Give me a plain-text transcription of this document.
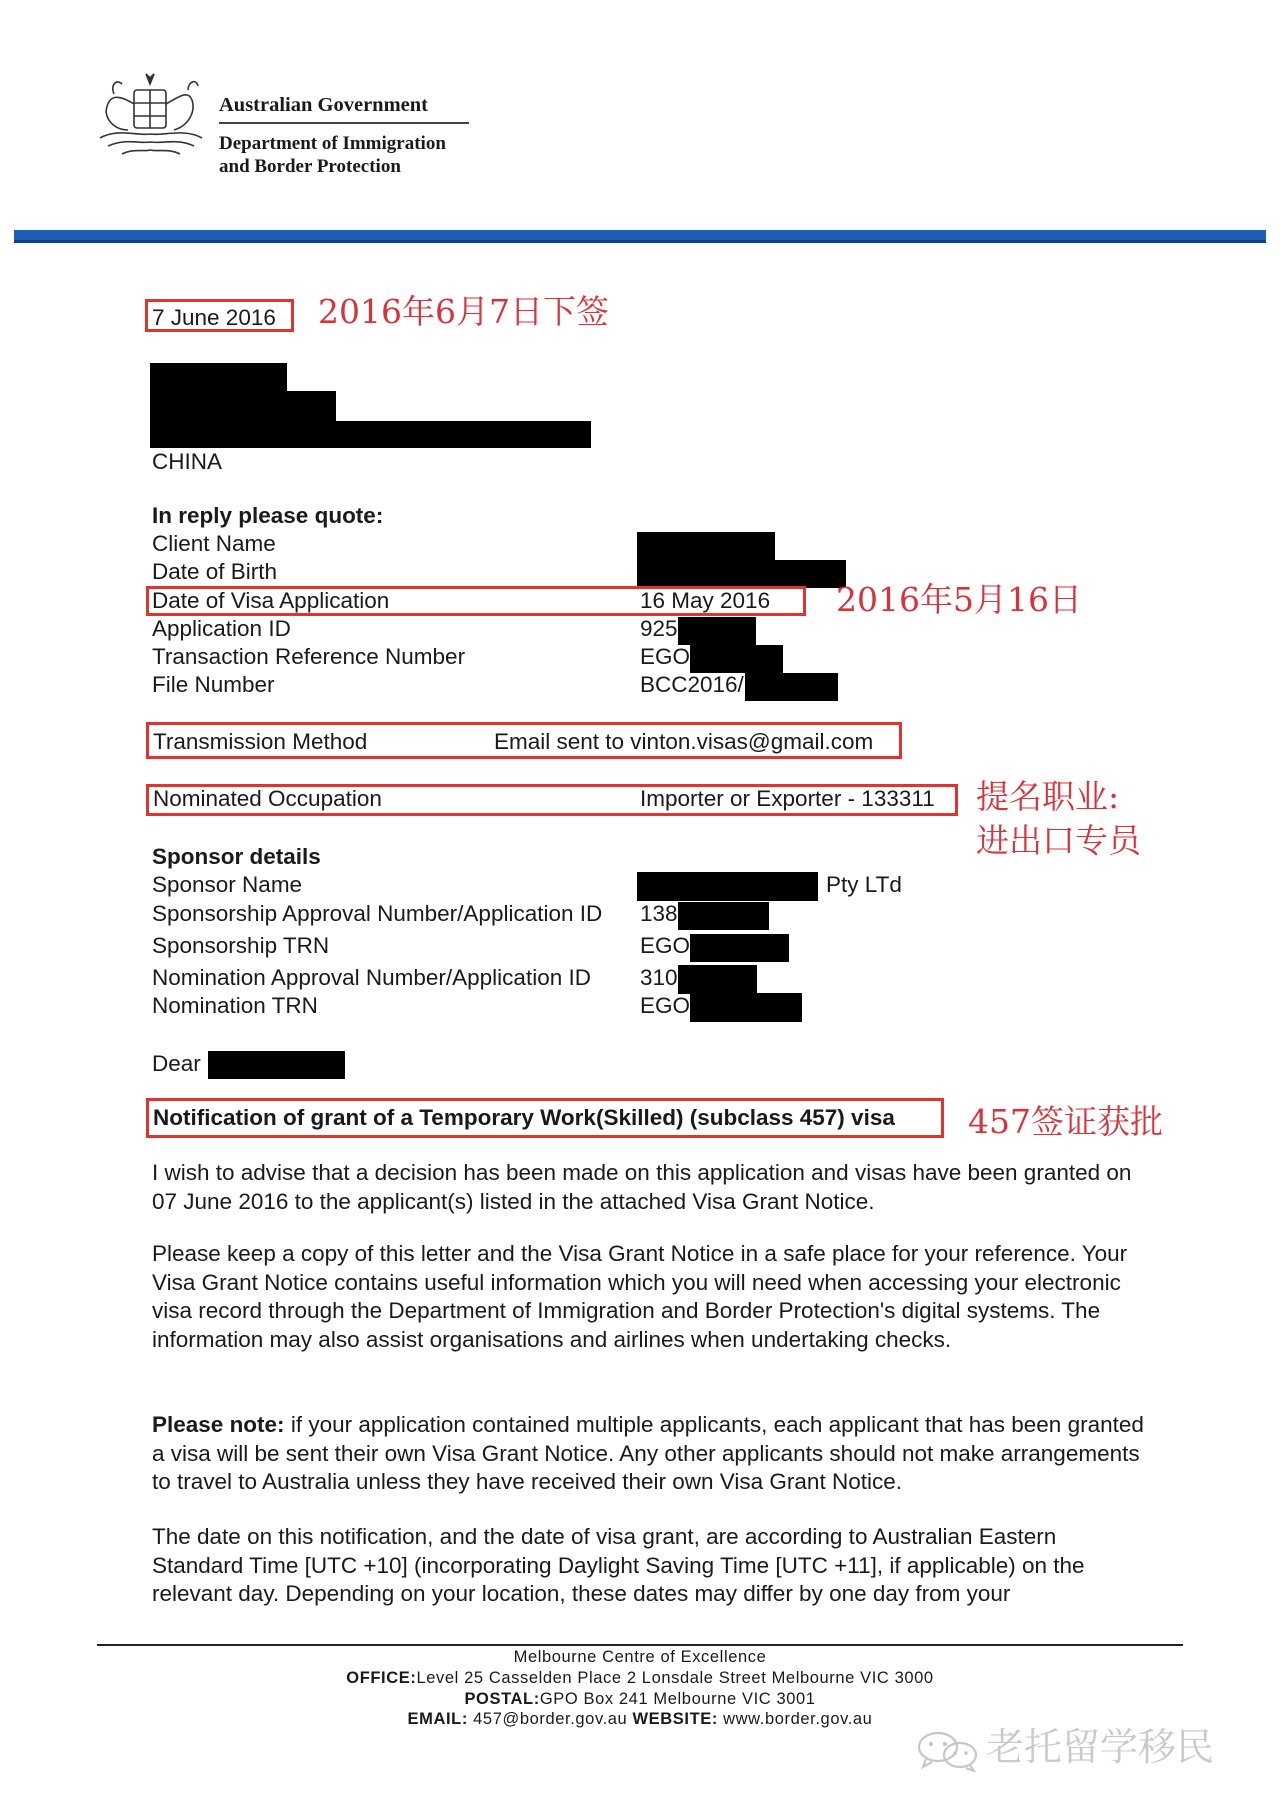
Australian Government
Department of Immigration
and Border Protection
7 June 2016 2016年6月7日下签
CHINA
In reply please quote:
Client Name
Date of Birth
Date of Visa Application	16 May 2016 2016年5月16日
Application ID	925
Transaction Reference Number	EGO
File Number	BCC2016/
Transmission Method	Email sent to vinton.visas@gmail.com
Nominated Occupation	Importer or Exporter - 133311 提名职业:
进出口专员
Sponsor details
Sponsor Name	Pty LTd
Sponsorship Approval Number/Application ID 138
Sponsorship TRN	EGO
Nomination Approval Number/Application ID 310
Nomination TRN	EGO
Dear
Notification of grant of a Temporary Work(Skilled) (subclass 457) visa 457签证获批

I wish to advise that a decision has been made on this application and visas have been granted on 07 June 2016 to the applicant(s) listed in the attached Visa Grant Notice.

Please keep a copy of this letter and the Visa Grant Notice in a safe place for your reference. Your Visa Grant Notice contains useful information which you will need when accessing your electronic visa record through the Department of Immigration and Border Protection's digital systems. The information may also assist organisations and airlines when undertaking checks.

Please note: if your application contained multiple applicants, each applicant that has been granted a visa will be sent their own Visa Grant Notice. Any other applicants should not make arrangements to travel to Australia unless they have received their own Visa Grant Notice.

The date on this notification, and the date of visa grant, are according to Australian Eastern Standard Time [UTC +10] (incorporating Daylight Saving Time [UTC +11], if applicable) on the relevant day. Depending on your location, these dates may differ by one day from your

Melbourne Centre of Excellence
OFFICE:Level 25 Casselden Place 2 Lonsdale Street Melbourne VIC 3000
POSTAL:GPO Box 241 Melbourne VIC 3001
EMAIL: 457@border.gov.au WEBSITE: www.border.gov.au
老托留学移民
